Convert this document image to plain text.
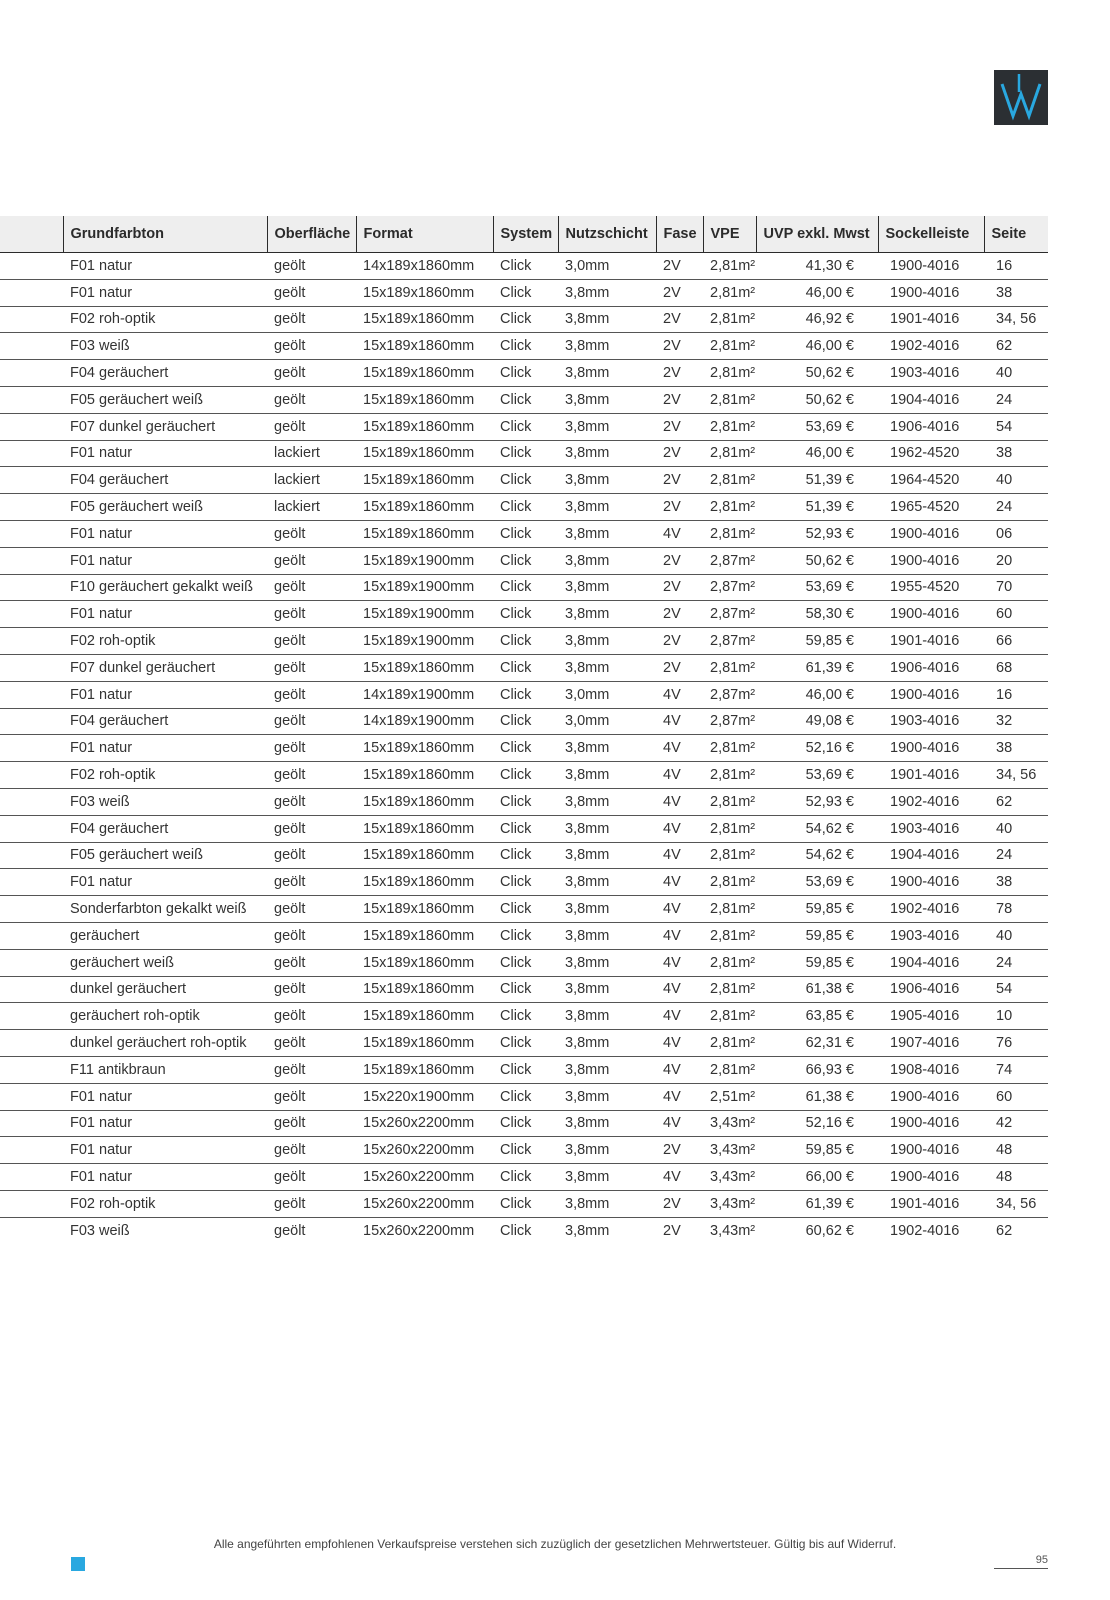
	Grundfarbton	Oberfläche	Format	System	Nutzschicht	Fase	VPE	UVP exkl. Mwst	Sockelleiste	Seite
	F01 natur	geölt	14x189x1860mm	Click	3,0mm	2V	2,81m²	41,30 €	1900-4016	16
	F01 natur	geölt	15x189x1860mm	Click	3,8mm	2V	2,81m²	46,00 €	1900-4016	38
	F02 roh-optik	geölt	15x189x1860mm	Click	3,8mm	2V	2,81m²	46,92 €	1901-4016	34, 56
	F03 weiß	geölt	15x189x1860mm	Click	3,8mm	2V	2,81m²	46,00 €	1902-4016	62
	F04 geräuchert	geölt	15x189x1860mm	Click	3,8mm	2V	2,81m²	50,62 €	1903-4016	40
	F05 geräuchert weiß	geölt	15x189x1860mm	Click	3,8mm	2V	2,81m²	50,62 €	1904-4016	24
	F07 dunkel geräuchert	geölt	15x189x1860mm	Click	3,8mm	2V	2,81m²	53,69 €	1906-4016	54
	F01 natur	lackiert	15x189x1860mm	Click	3,8mm	2V	2,81m²	46,00 €	1962-4520	38
	F04 geräuchert	lackiert	15x189x1860mm	Click	3,8mm	2V	2,81m²	51,39 €	1964-4520	40
	F05 geräuchert weiß	lackiert	15x189x1860mm	Click	3,8mm	2V	2,81m²	51,39 €	1965-4520	24
	F01 natur	geölt	15x189x1860mm	Click	3,8mm	4V	2,81m²	52,93 €	1900-4016	06
	F01 natur	geölt	15x189x1900mm	Click	3,8mm	2V	2,87m²	50,62 €	1900-4016	20
	F10 geräuchert gekalkt weiß	geölt	15x189x1900mm	Click	3,8mm	2V	2,87m²	53,69 €	1955-4520	70
	F01 natur	geölt	15x189x1900mm	Click	3,8mm	2V	2,87m²	58,30 €	1900-4016	60
	F02 roh-optik	geölt	15x189x1900mm	Click	3,8mm	2V	2,87m²	59,85 €	1901-4016	66
	F07 dunkel geräuchert	geölt	15x189x1860mm	Click	3,8mm	2V	2,81m²	61,39 €	1906-4016	68
	F01 natur	geölt	14x189x1900mm	Click	3,0mm	4V	2,87m²	46,00 €	1900-4016	16
	F04 geräuchert	geölt	14x189x1900mm	Click	3,0mm	4V	2,87m²	49,08 €	1903-4016	32
	F01 natur	geölt	15x189x1860mm	Click	3,8mm	4V	2,81m²	52,16 €	1900-4016	38
	F02 roh-optik	geölt	15x189x1860mm	Click	3,8mm	4V	2,81m²	53,69 €	1901-4016	34, 56
	F03 weiß	geölt	15x189x1860mm	Click	3,8mm	4V	2,81m²	52,93 €	1902-4016	62
	F04 geräuchert	geölt	15x189x1860mm	Click	3,8mm	4V	2,81m²	54,62 €	1903-4016	40
	F05 geräuchert weiß	geölt	15x189x1860mm	Click	3,8mm	4V	2,81m²	54,62 €	1904-4016	24
	F01 natur	geölt	15x189x1860mm	Click	3,8mm	4V	2,81m²	53,69 €	1900-4016	38
	Sonderfarbton gekalkt weiß	geölt	15x189x1860mm	Click	3,8mm	4V	2,81m²	59,85 €	1902-4016	78
	geräuchert	geölt	15x189x1860mm	Click	3,8mm	4V	2,81m²	59,85 €	1903-4016	40
	geräuchert weiß	geölt	15x189x1860mm	Click	3,8mm	4V	2,81m²	59,85 €	1904-4016	24
	dunkel geräuchert	geölt	15x189x1860mm	Click	3,8mm	4V	2,81m²	61,38 €	1906-4016	54
	geräuchert roh-optik	geölt	15x189x1860mm	Click	3,8mm	4V	2,81m²	63,85 €	1905-4016	10
	dunkel geräuchert roh-optik	geölt	15x189x1860mm	Click	3,8mm	4V	2,81m²	62,31 €	1907-4016	76
	F11 antikbraun	geölt	15x189x1860mm	Click	3,8mm	4V	2,81m²	66,93 €	1908-4016	74
	F01 natur	geölt	15x220x1900mm	Click	3,8mm	4V	2,51m²	61,38 €	1900-4016	60
	F01 natur	geölt	15x260x2200mm	Click	3,8mm	4V	3,43m²	52,16 €	1900-4016	42
	F01 natur	geölt	15x260x2200mm	Click	3,8mm	2V	3,43m²	59,85 €	1900-4016	48
	F01 natur	geölt	15x260x2200mm	Click	3,8mm	4V	3,43m²	66,00 €	1900-4016	48
	F02 roh-optik	geölt	15x260x2200mm	Click	3,8mm	2V	3,43m²	61,39 €	1901-4016	34, 56
	F03 weiß	geölt	15x260x2200mm	Click	3,8mm	2V	3,43m²	60,62 €	1902-4016	62
Alle angeführten empfohlenen Verkaufspreise verstehen sich zuzüglich der gesetzlichen Mehrwertsteuer. Gültig bis auf Widerruf.
95
